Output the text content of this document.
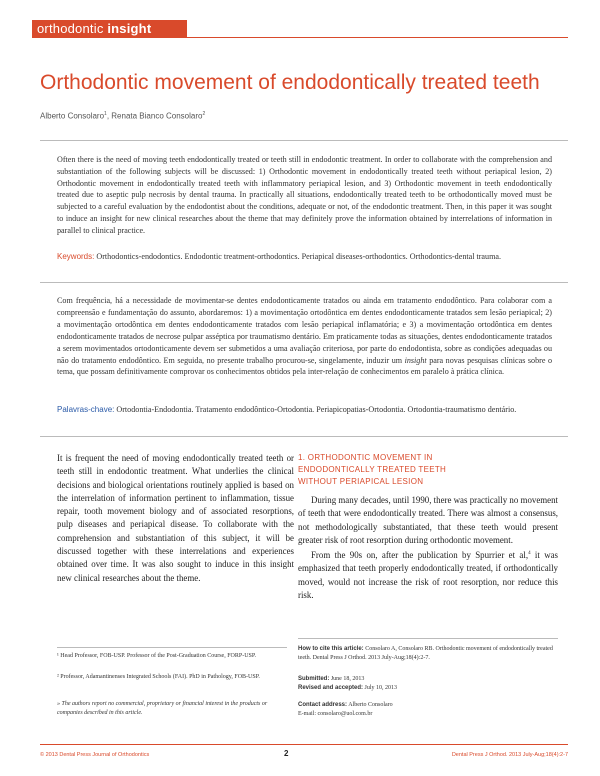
orthodontic insight
Orthodontic movement of endodontically treated teeth
Alberto Consolaro$^1$, Renata Bianco Consolaro$^2$
Often there is the need of moving teeth endodontically treated or teeth still in endodontic treatment. In order to collaborate with the comprehension and substantiation of the following subjects will be discussed: 1) Orthodontic movement in endodontically treated teeth without periapical lesion, 2) Orthodontic movement in endodontically treated teeth with inflammatory periapical lesion, and 3) Orthodontic movement in teeth endodontically treated due to aseptic pulp necrosis by dental trauma. In practically all situations, endodontically treated teeth to be orthodontically moved must be subjected to a careful evaluation by the endodontist about the conditions, adequate or not, of the endodontic treatment. Then, in this paper it was sought to induce an insight for new clinical researches about the theme that may definitely prove the information obtained by interrelations of information in parallel to clinical practice.
Keywords: Orthodontics-endodontics. Endodontic treatment-orthodontics. Periapical diseases-orthodontics. Orthodontics-dental trauma.
Com frequência, há a necessidade de movimentar-se dentes endodonticamente tratados ou ainda em tratamento endodôntico. Para colaborar com a compreensão e fundamentação do assunto, abordaremos: 1) a movimentação ortodôntica em dentes endodonticamente tratados sem lesão periapical; 2) a movimentação ortodôntica em dentes endodonticamente tratados com lesão periapical inflamatória; e 3) a movimentação ortodôntica em dentes endodonticamente tratados de necrose pulpar asséptica por traumatismo dentário. Em praticamente todas as situações, dentes endodonticamente tratados a serem movimentados ortodonticamente devem ser submetidos a uma avaliação criteriosa, por parte do endodontista, sobre as condições adequadas ou não do tratamento endodôntico. Em seguida, no presente trabalho procurou-se, singelamente, induzir um insight para novas pesquisas clínicas sobre o tema, que possam definitivamente comprovar os conhecimentos obtidos pela inter-relação de conhecimentos em paralelo à prática clínica.
Palavras-chave: Ortodontia-Endodontia. Tratamento endodôntico-Ortodontia. Periapicopatias-Ortodontia. Ortodontia-traumatismo dentário.
It is frequent the need of moving endodontically treated teeth or teeth still in endodontic treatment. What underlies the clinical decisions and biological orientations routinely applied is based on the interrelation of information pertinent to inflammation, tissue repair, tooth movement biology and of associated resorptions, pulp diseases and periapical disease. To collaborate with the comprehension and substantiation of this subject, it will be discussed together with these interrelations and experiences obtained over time. It was also sought to induce in this insight new clinical researches about the theme.
¹ Head Professor, FOB-USP. Professor of the Post-Graduation Course, FORP-USP.
² Professor, Adamantinenses Integrated Schools (FAI). PhD in Pathology, FOB-USP.
» The authors report no commercial, proprietary or financial interest in the products or companies described in this article.
1. ORTHODONTIC MOVEMENT IN
ENDODONTICALLY TREATED TEETH
WITHOUT PERIAPICAL LESION
During many decades, until 1990, there was practically no movement of teeth that were endodontically treated. There was almost a consensus, not methodologically substantiated, that these teeth would present greater risk of root resorption during orthodontic movement.
From the 90s on, after the publication by Spurrier et al,$^4$ it was emphasized that teeth properly endodontically treated, if orthodontically moved, would not increase the risk of root resorption, nor reduce this risk.
How to cite this article: Consolaro A, Consolaro RB. Orthodontic movement of endodontically treated teeth. Dental Press J Orthod. 2013 July-Aug;18(4):2-7.
Submitted: June 18, 2013
Revised and accepted: July 10, 2013
Contact address: Alberto Consolaro
E-mail: consolaro@uol.com.br
© 2013 Dental Press Journal of Orthodontics	2	Dental Press J Orthod. 2013 July-Aug;18(4):2-7
